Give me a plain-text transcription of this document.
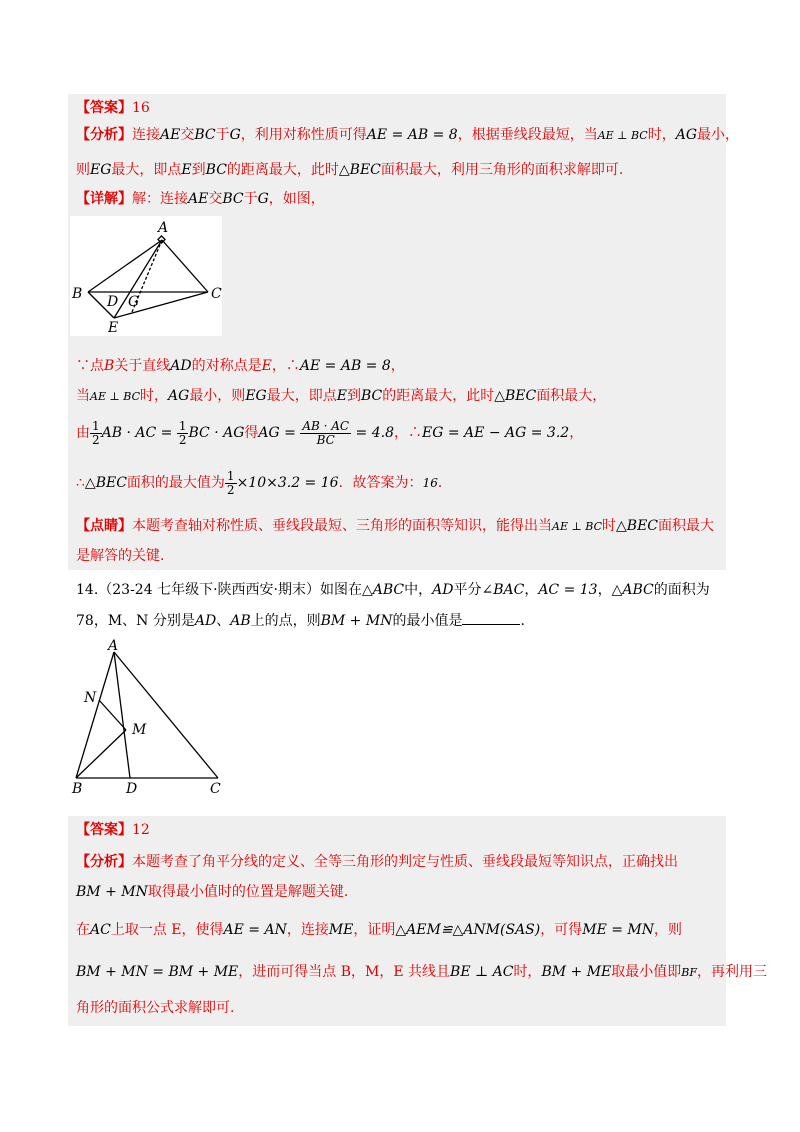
【答案】16
【分析】连接AE交BC于G，利用对称性质可得AE = AB = 8，根据垂线段最短，当AE ⊥ BC时，AG最小，
则EG最大，即点E到BC的距离最大，此时△BEC面积最大，利用三角形的面积求解即可.
【详解】解：连接AE交BC于G，如图，
A
B	C
D G
E
∵点B关于直线AD的对称点是E，∴AE = AB = 8，
当AE ⊥ BC时，AG最小，则EG最大，即点E到BC的距离最大，此时△BEC面积最大，
由 $\frac{1}{2}$ AB · AC = $\frac{1}{2}$ BC · AG得AG = $\frac{AB \cdot AC}{BC} = 4.8$，∴EG = AE − AG = 3.2，
∴△BEC面积的最大值为 $\frac{1}{2} \times 10\times 3.2 = 16$．故答案为：16．
【点睛】本题考查轴对称性质、垂线段最短、三角形的面积等知识，能得出当AE ⊥ BC时△BEC面积最大
是解答的关键.
14.（23-24 七年级下·陕西西安·期末）如图在△ABC中，AD平分∠BAC，AC = 13，△ABC的面积为
78，M、N 分别是AD、AB上的点，则BM + MN的最小值是	.
A
N
M
B	D	C
【答案】12
【分析】本题考查了角平分线的定义、全等三角形的判定与性质、垂线段最短等知识点，正确找出
BM + MN取得最小值时的位置是解题关键.
在AC上取一点 E，使得AE = AN，连接ME，证明△AEM≌△ANM(SAS)，可得ME = MN，则
BM + MN = BM + ME，进而可得当点 B，M，E 共线且BE ⊥ AC时，BM + ME取最小值即BF，再利用三
角形的面积公式求解即可.
